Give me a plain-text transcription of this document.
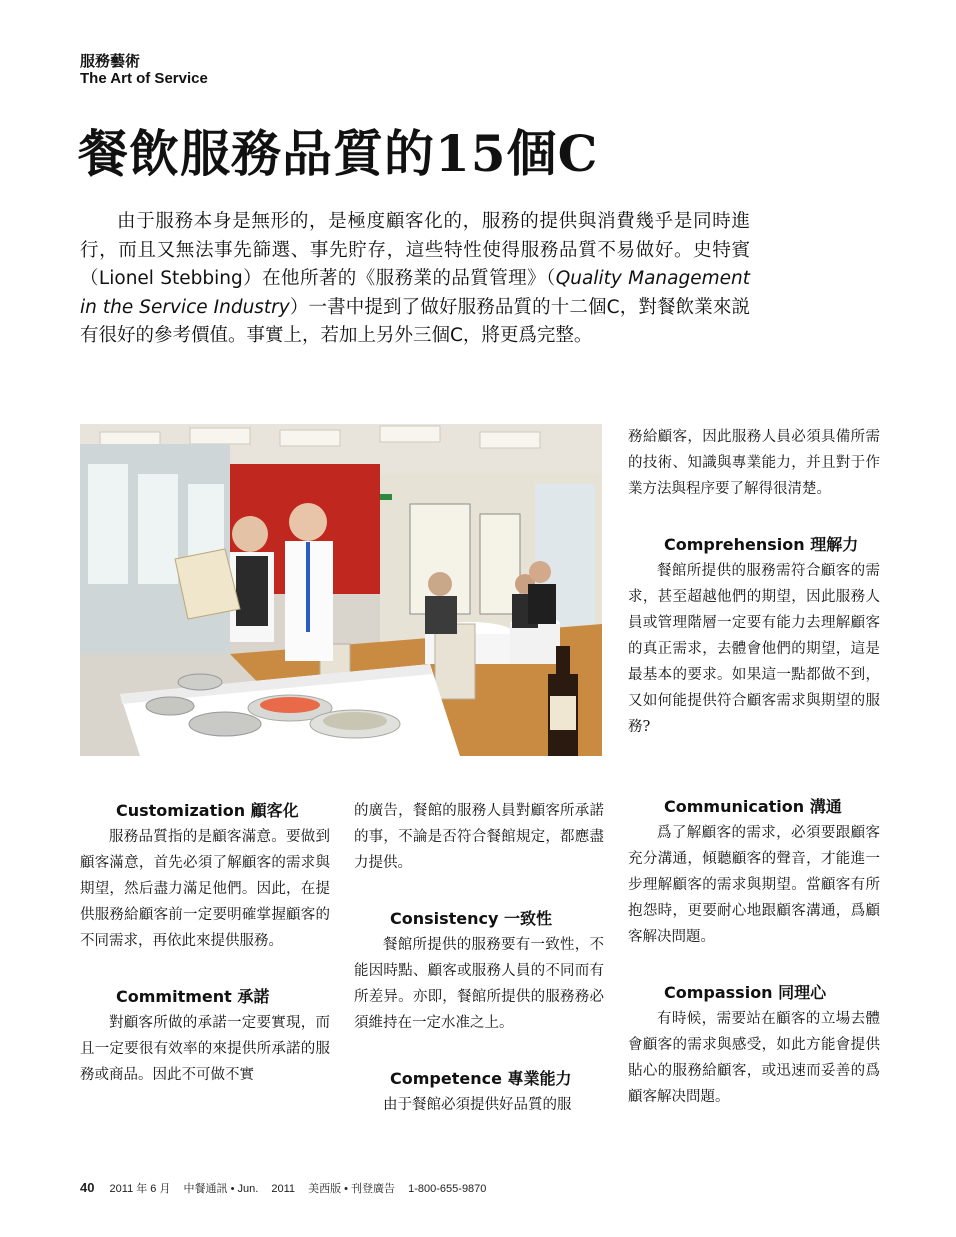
服務藝術
The Art of Service
餐飲服務品質的15個C

由于服務本身是無形的，是極度顧客化的，服務的提供與消費幾乎是同時進行，而且又無法事先篩選、事先貯存，這些特性使得服務品質不易做好。史特賓（Lionel Stebbing）在他所著的《服務業的品質管理》（Quality Management in the Service Industry）一書中提到了做好服務品質的十二個C，對餐飲業來説有很好的參考價值。事實上，若加上另外三個C，將更爲完整。

務給顧客，因此服務人員必須具備所需的技術、知識與專業能力，并且對于作業方法與程序要了解得很清楚。

Comprehension 理解力

餐館所提供的服務需符合顧客的需求，甚至超越他們的期望，因此服務人員或管理階層一定要有能力去理解顧客的真正需求，去體會他們的期望，這是最基本的要求。如果這一點都做不到，又如何能提供符合顧客需求與期望的服務?

Customization 顧客化

服務品質指的是顧客滿意。要做到顧客滿意，首先必須了解顧客的需求與期望，然后盡力滿足他們。因此，在提供服務給顧客前一定要明確掌握顧客的不同需求，再依此來提供服務。

Commitment 承諾

對顧客所做的承諾一定要實現，而且一定要很有效率的來提供所承諾的服務或商品。因此不可做不實

的廣告，餐館的服務人員對顧客所承諾的事，不論是否符合餐館規定，都應盡力提供。

Consistency 一致性

餐館所提供的服務要有一致性，不能因時點、顧客或服務人員的不同而有所差异。亦即，餐館所提供的服務務必須維持在一定水准之上。

Competence 專業能力

由于餐館必須提供好品質的服

Communication 溝通

爲了解顧客的需求，必須要跟顧客充分溝通，傾聽顧客的聲音，才能進一步理解顧客的需求與期望。當顧客有所抱怨時，更要耐心地跟顧客溝通，爲顧客解决問題。

Compassion 同理心

有時候，需要站在顧客的立場去體會顧客的需求與感受，如此方能會提供貼心的服務給顧客，或迅速而妥善的爲顧客解决問題。

40 2011 年 6 月 中餐通訊 • Jun. 2011 美西版 • 刊登廣告 1-800-655-9870
